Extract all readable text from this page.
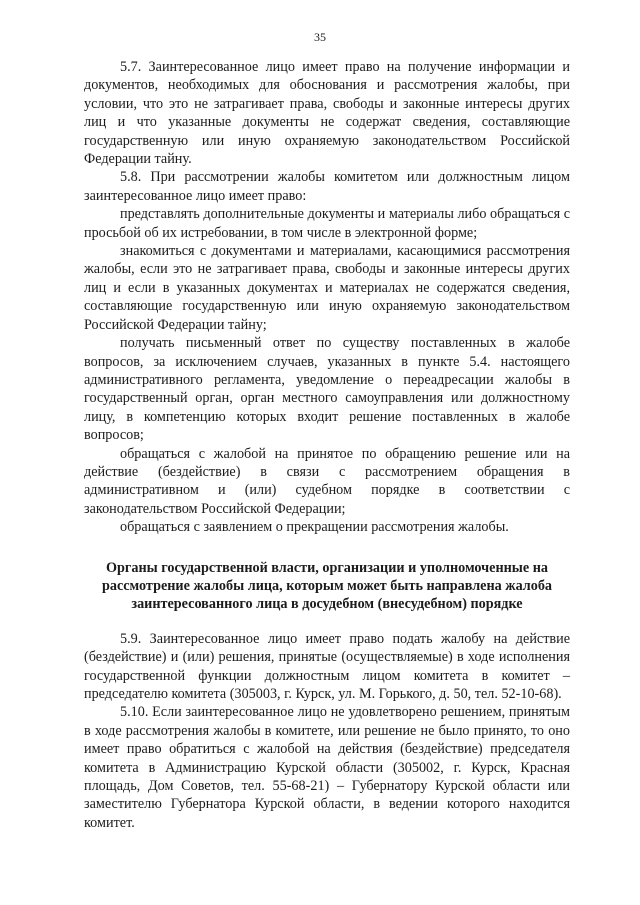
35

5.7. Заинтересованное лицо имеет право на получение информации и документов, необходимых для обоснования и рассмотрения жалобы, при условии, что это не затрагивает права, свободы и законные интересы других лиц и что указанные документы не содержат сведения, составляющие государственную или иную охраняемую законодательством Российской Федерации тайну.

5.8. При рассмотрении жалобы комитетом или должностным лицом заинтересованное лицо имеет право:

представлять дополнительные документы и материалы либо обращаться с просьбой об их истребовании, в том числе в электронной форме;

знакомиться с документами и материалами, касающимися рассмотрения жалобы, если это не затрагивает права, свободы и законные интересы других лиц и если в указанных документах и материалах не содержатся сведения, составляющие государственную или иную охраняемую законодательством Российской Федерации тайну;

получать письменный ответ по существу поставленных в жалобе вопросов, за исключением случаев, указанных в пункте 5.4. настоящего административного регламента, уведомление о переадресации жалобы в государственный орган, орган местного самоуправления или должностному лицу, в компетенцию которых входит решение поставленных в жалобе вопросов;

обращаться с жалобой на принятое по обращению решение или на действие (бездействие) в связи с рассмотрением обращения в административном и (или) судебном порядке в соответствии с законодательством Российской Федерации;

обращаться с заявлением о прекращении рассмотрения жалобы.

Органы государственной власти, организации и уполномоченные на рассмотрение жалобы лица, которым может быть направлена жалоба заинтересованного лица в досудебном (внесудебном) порядке

5.9. Заинтересованное лицо имеет право подать жалобу на действие (бездействие) и (или) решения, принятые (осуществляемые) в ходе исполнения государственной функции должностным лицом комитета в комитет – председателю комитета (305003, г. Курск, ул. М. Горького, д. 50, тел. 52-10-68).

5.10. Если заинтересованное лицо не удовлетворено решением, принятым в ходе рассмотрения жалобы в комитете, или решение не было принято, то оно имеет право обратиться с жалобой на действия (бездействие) председателя комитета в Администрацию Курской области (305002, г. Курск, Красная площадь, Дом Советов, тел. 55-68-21) – Губернатору Курской области или заместителю Губернатора Курской области, в ведении которого находится комитет.
